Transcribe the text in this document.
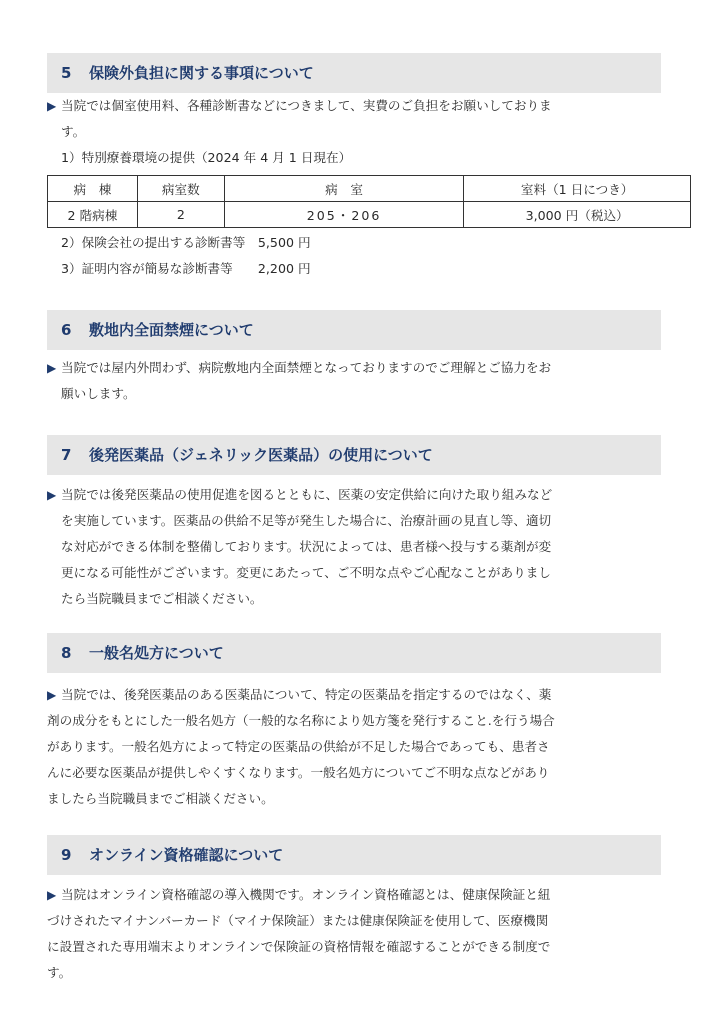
5 保険外負担に関する事項について
▶ 当院では個室使用料、各種診断書などにつきまして、実費のご負担をお願いしておりま
す。
1）特別療養環境の提供（2024 年 4 月 1 日現在）
病　棟	病室数	病　室	室料（1 日につき）
2 階病棟	2	205・206	3,000 円（税込）
2）保険会社の提出する診断書等　5,500 円
3）証明内容が簡易な診断書等　　2,200 円
6 敷地内全面禁煙について
▶ 当院では屋内外問わず、病院敷地内全面禁煙となっておりますのでご理解とご協力をお
願いします。
7 後発医薬品（ジェネリック医薬品）の使用について
▶ 当院では後発医薬品の使用促進を図るとともに、医薬の安定供給に向けた取り組みなど
を実施しています。医薬品の供給不足等が発生した場合に、治療計画の見直し等、適切
な対応ができる体制を整備しております。状況によっては、患者様へ投与する薬剤が変
更になる可能性がございます。変更にあたって、ご不明な点やご心配なことがありまし
たら当院職員までご相談ください。
8 一般名処方について
▶ 当院では、後発医薬品のある医薬品について、特定の医薬品を指定するのではなく、薬
剤の成分をもとにした一般名処方（一般的な名称により処方箋を発行すること.を行う場合
があります。一般名処方によって特定の医薬品の供給が不足した場合であっても、患者さ
んに必要な医薬品が提供しやくすくなります。一般名処方についてご不明な点などがあり
ましたら当院職員までご相談ください。
9 オンライン資格確認について
▶ 当院はオンライン資格確認の導入機関です。オンライン資格確認とは、健康保険証と紐
づけされたマイナンバーカード（マイナ保険証）または健康保険証を使用して、医療機関
に設置された専用端末よりオンラインで保険証の資格情報を確認することができる制度で
す。
